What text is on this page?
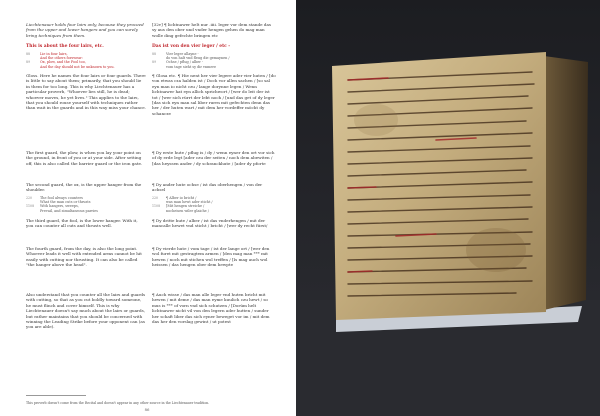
Liechtenauer holds four lairs only, because they proceed from the upper and lower hangers and you can surely bring techniques from them.

[32v] ¶ lichtnawer helt nur .iiii. leger vor dem stande das sy aus den ober und vnder hengen gehen do mag man wolle ding gefechte bringen etc

This is about the four lairs, etc.	Das ist von den vier leger / etc -

88	Lie in four lairs,
And the others forswear:
89	Ox, plow, and the Fool too,
And the day should not be unknown to you.
88	Vier leger allayne -
do von halt vnd fleug die gemaynen /
89	Ochse / pflug / alber -
vom tage sieht sy dir vnmere

Gloss. Here he names the four lairs or four guards. There is little to say about them; primarily, that you should lie in them for too long. This is why Liechtenauer has a particular proverb, "Whoever lies still, he is dead; whoever moves, he yet lives." This applies to the lairs, that you should rouse yourself with techniques rather than wait in the guards and in this way miss your chance.

¶ Glosa etc. ¶ Hie nent her vier legere ader vier huten / [do von etwas cza halden ist / Doch vor allen sachen / [so sal eyn man io nicht czu / lange dorynne legen / Wenn lichtnawer hat eyn allich sprichwort / [wer do leit der ist tot / [wer sich rürrt der lebt noch / [und das get of dy leger [das sich eyn man sal liber rurrn mit gefechten denn das her / der huten wart / mit dem her vordeffer möcht dy schancze

The first guard, the plow, is when you lay your point on the ground, in front of you or at your side. After setting off, this is also called the barrier guard or the iron gate.

¶ Dy erste hute / pflug is / dy / wenn eyner den ort vor sich of dy erde legt [ader czu der seiten / noch dem abewiten / [das heyssen ander / dy schranckhute / [ader dy pforte

The second guard, the ox, is the upper hanger from the shoulder.

¶ Dy ander hute ochse / ist das oberhengen / von der achsel

220	The fool always counters
What the man cuts or thrusts
1108	With hangers, sweeps,
Prevail, and simultaneous parries
220	¶ Alber io bricht /
was man hewt ader sticht /
1108	[Mit hengen streiche /
nocheisen wiler glaiche /

The third guard, the fool, is the lower hanger. With it, you can counter all cuts and thrusts well.

¶ Dy dritte hute / alber / ist das vnderhengen / mit der mancalle hewet vnd sticht / bricht / [wer dy recht fürst/

The fourth guard, from the day, is also the long point. Whoever leads it well with extended arms cannot be hit easily with cutting nor thrusting. It can also be called "the hanger above the head".

¶ Dy vierde hute / vom tage / ist der lange ort / [wer den wol furet mit gestragtem armen / [den mag man *** mit hewen / noch mit stichen wol treffen / [Is mag auch wol heissen / das hengen ober dem hewpte

Also understand that you counter all the lairs and guards with cutting, so that as you cut boldly toward someone, he must flinch and cover himself. This is why Liechtenauer doesn't say much about the lairs or guards, but rather maintains that you should be concerned with winning the Leading Strike before your opponent can (as you are able).

¶ Auch wisse / das man alle leger vnd huten bricht mit hewen / mit deme / das man eyme kuulich czu hewt / so mus is *** of vorn vnd sich schutzen / [Dorüm helt lichtnawer nicht vil von den legern ader hutten / sunder her schaft liber das sich eyner beweget vor im / mit dem das her den vorslag gewint / ut potest

This proverb doesn't come from the Recital and doesn't appear in any other source in the Liechtenauer tradition.

86
